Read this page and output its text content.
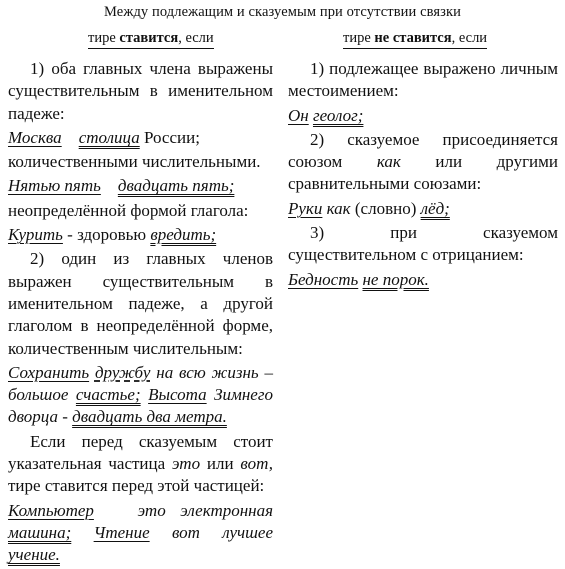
Между подлежащим и сказуемым при отсутствии связки
тире ставится, если	тире не ставится, если

1) оба главных члена выражены существительным в именительном падеже:

Москва столица России;

количественными числительными.

Нятью пять двадцать пять;

неопределённой формой глагола:

Курить - здоровью вредить;

2) один из главных членов выражен существительным в именительном падеже, а другой глаголом в неопределённой форме, количественным числительным:

Сохранить дружбу на всю жизнь – большое счастье; Высота Зимнего дворца - двадцать два метра.

Если перед сказуемым стоит указательная частица это или вот, тире ставится перед этой частицей:

Компьютер	это электронная машина; Чтение вот лучшее учение.

1) подлежащее выражено личным местоимением:

Он геолог;

2) сказуемое присоединяется союзом как или другими сравнительными союзами:

Руки как (словно) лёд;

3) при сказуемом существительном с отрицанием:

Бедность не порок.
